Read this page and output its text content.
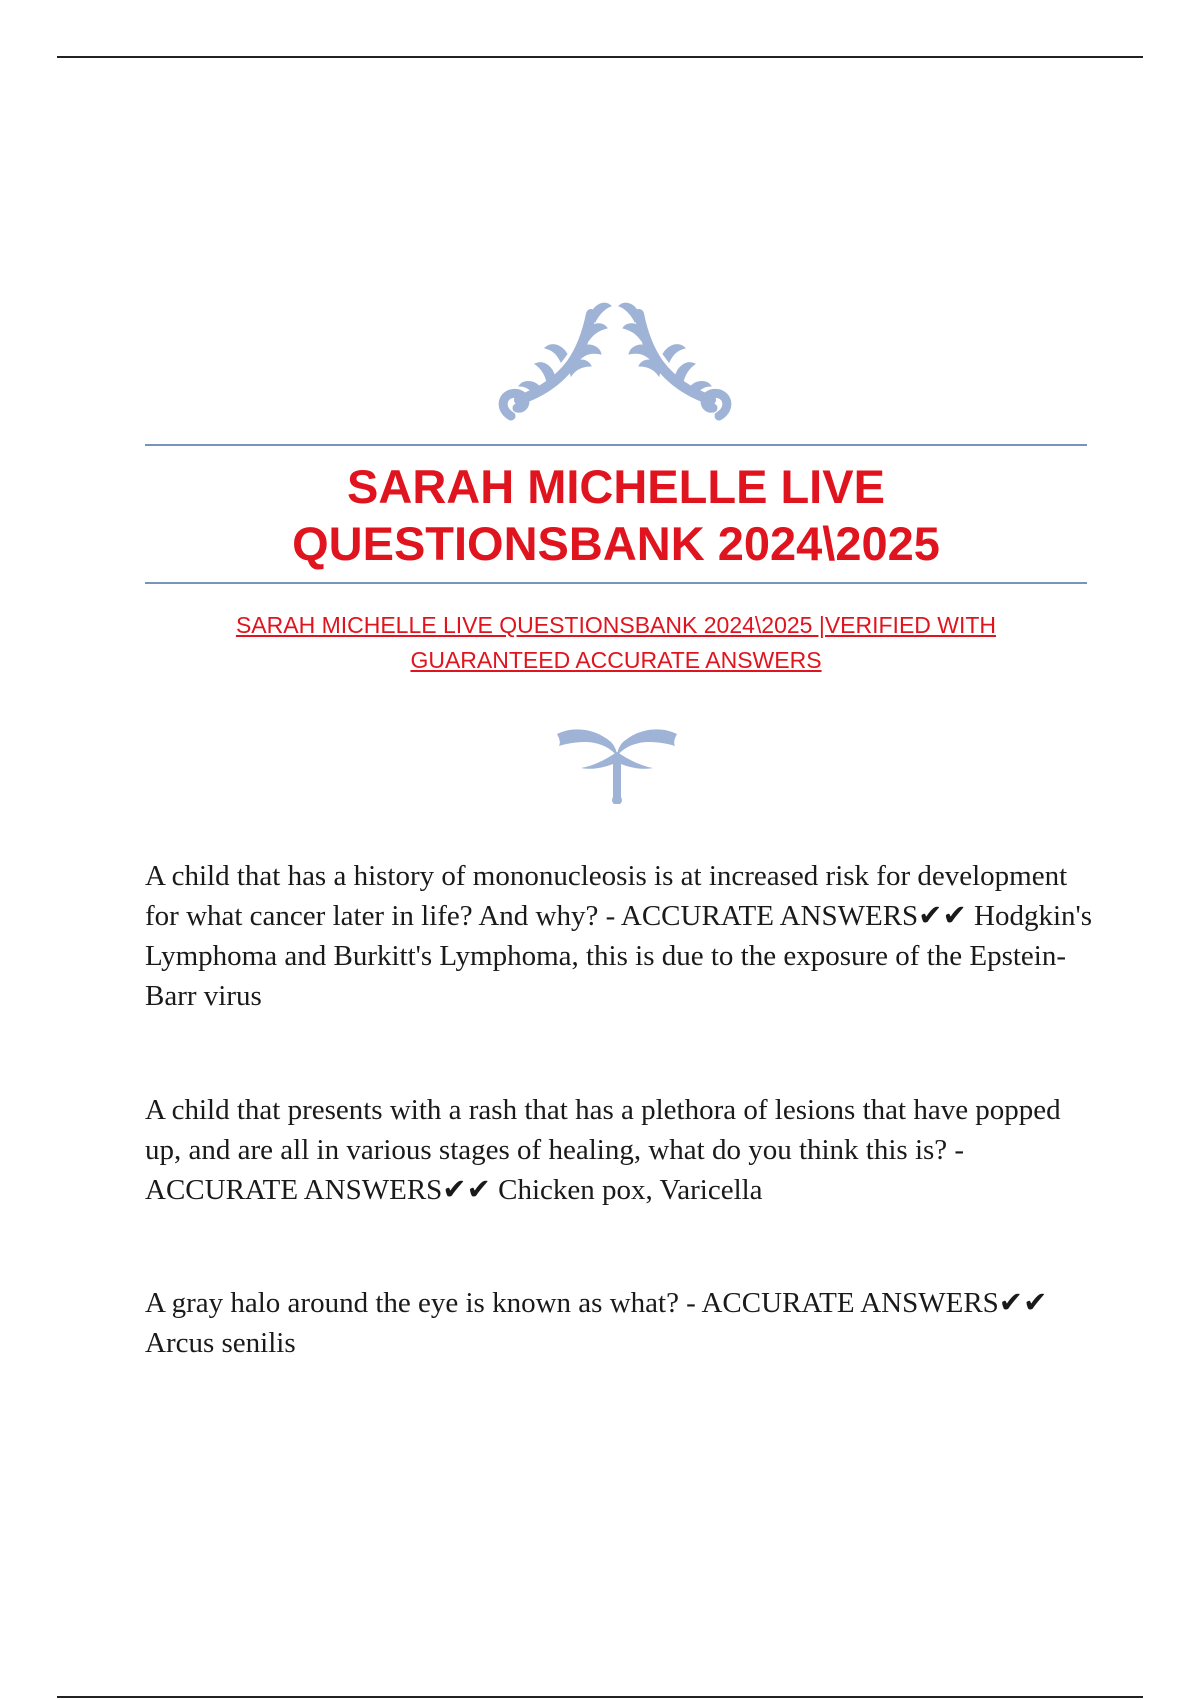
SARAH MICHELLE LIVE
QUESTIONSBANK 2024\2025
SARAH MICHELLE LIVE QUESTIONSBANK 2024\2025 |VERIFIED WITH
GUARANTEED ACCURATE ANSWERS
A child that has a history of mononucleosis is at increased risk for development for what cancer later in life? And why? - ACCURATE ANSWERS✔✔ Hodgkin's Lymphoma and Burkitt's Lymphoma, this is due to the exposure of the Epstein-Barr virus
A child that presents with a rash that has a plethora of lesions that have popped up, and are all in various stages of healing, what do you think this is? - ACCURATE ANSWERS✔✔ Chicken pox, Varicella
A gray halo around the eye is known as what? - ACCURATE ANSWERS✔✔ Arcus senilis
